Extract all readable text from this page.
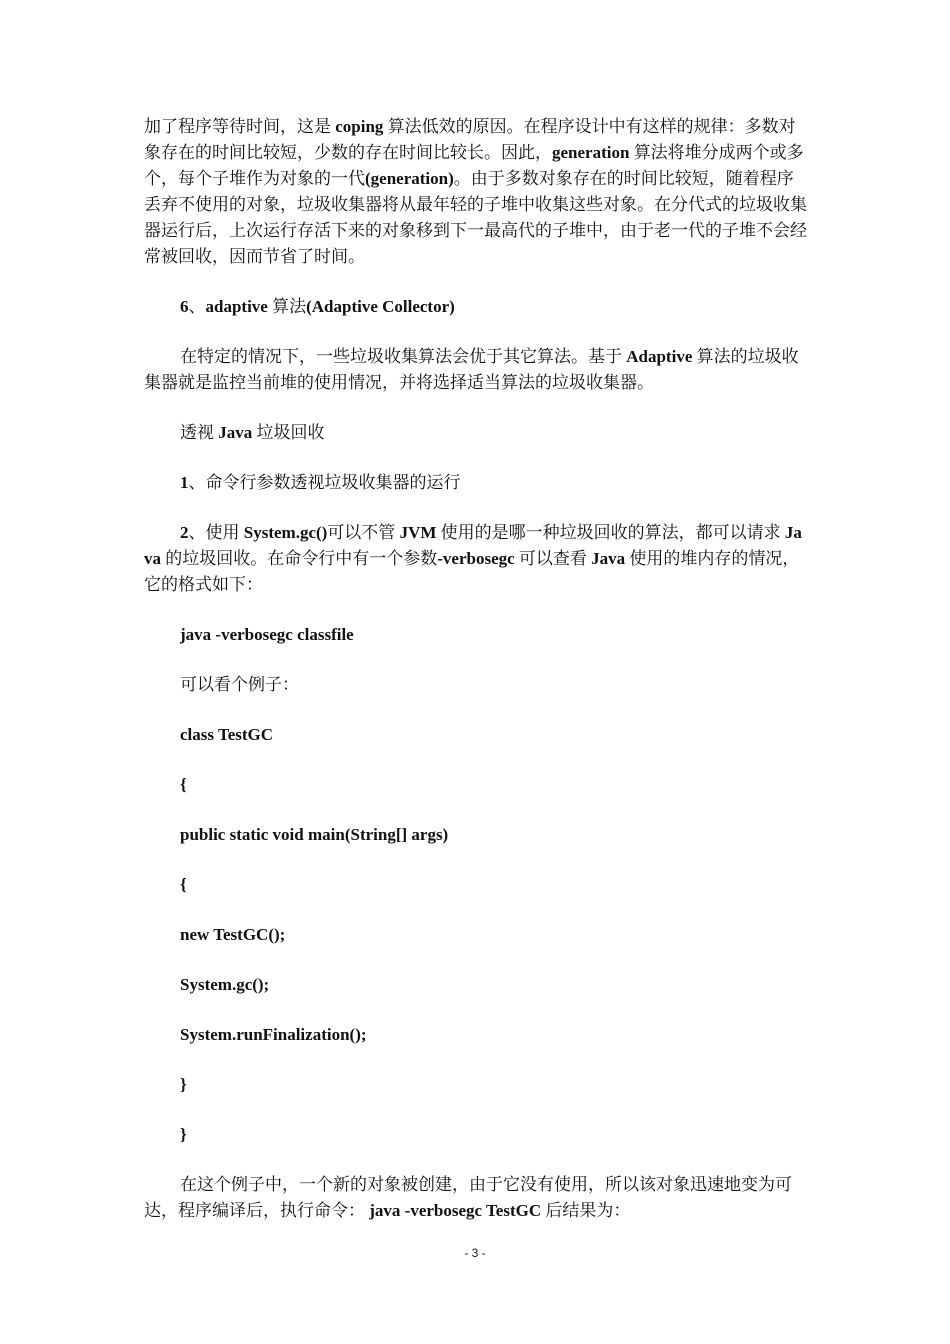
加了程序等待时间，这是 coping 算法低效的原因。在程序设计中有这样的规律：多数对象存在的时间比较短，少数的存在时间比较长。因此，generation 算法将堆分成两个或多个，每个子堆作为对象的一代(generation)。由于多数对象存在的时间比较短，随着程序丢弃不使用的对象，垃圾收集器将从最年轻的子堆中收集这些对象。在分代式的垃圾收集器运行后，上次运行存活下来的对象移到下一最高代的子堆中，由于老一代的子堆不会经常被回收，因而节省了时间。

6、adaptive 算法(Adaptive Collector)

在特定的情况下，一些垃圾收集算法会优于其它算法。基于 Adaptive 算法的垃圾收集器就是监控当前堆的使用情况，并将选择适当算法的垃圾收集器。

透视 Java 垃圾回收

1、命令行参数透视垃圾收集器的运行

2、使用 System.gc()可以不管 JVM 使用的是哪一种垃圾回收的算法，都可以请求 Java 的垃圾回收。在命令行中有一个参数-verbosegc 可以查看 Java 使用的堆内存的情况，它的格式如下：

java -verbosegc classfile

可以看个例子：

class TestGC

{

public static void main(String[] args)

{

new TestGC();

System.gc();

System.runFinalization();

}

}

在这个例子中，一个新的对象被创建，由于它没有使用，所以该对象迅速地变为可达，程序编译后，执行命令： java -verbosegc TestGC 后结果为：

- 3 -
